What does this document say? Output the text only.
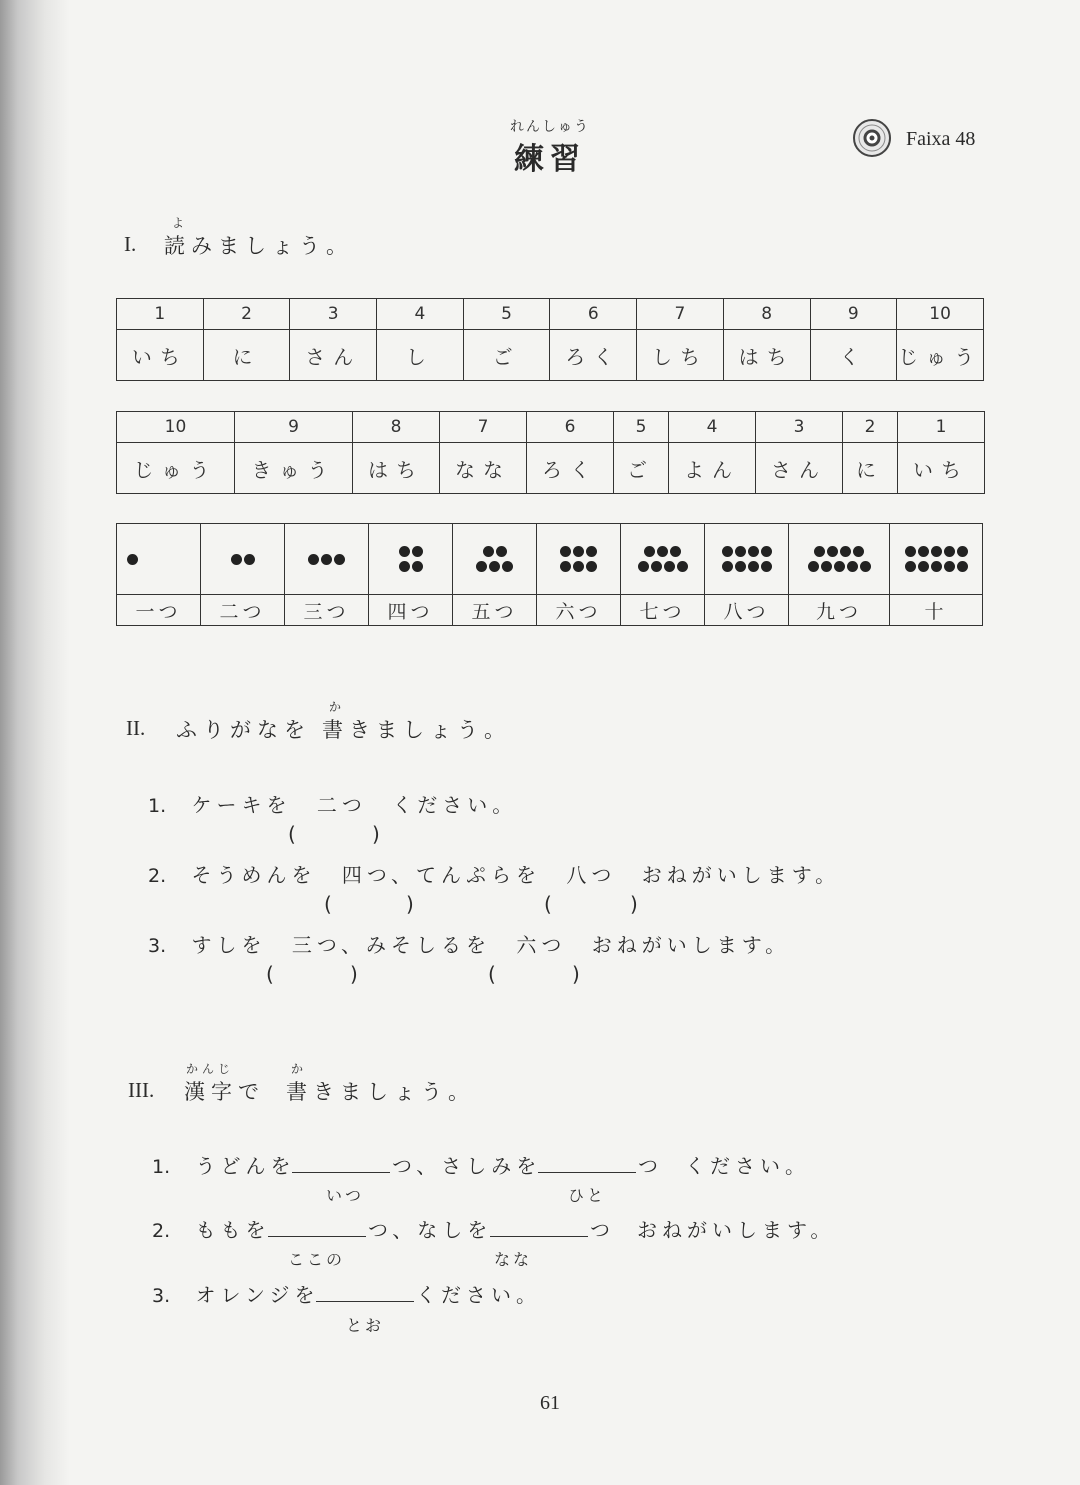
れんしゅう
練習
Faixa 48
よ
I. 読みましょう。
1	2	3	4	5	6	7	8	9	10
いち	に	さん	し	ご	ろく	しち	はち	く	じゅう
10	9	8	7	6	5	4	3	2	1
じゅう	きゅう	はち	なな	ろく	ご	よん	さん	に	いち

一つ	二つ	三つ	四つ	五つ	六つ	七つ	八つ	九つ	十
か
II. ふりがなを 書きましょう。
1. ケーキを 二つ ください。
(	)
2. そうめんを 四つ、てんぷらを 八つ おねがいします。
(	)	(	)
3. すしを 三つ、みそしるを 六つ おねがいします。
(	)	(	)
かんじ	か
III. 漢字で 書きましょう。
1. うどんを	つ、さしみを	つ ください。
いつ	ひと
2. ももを	つ、なしを	つ おねがいします。
ここの	なな
3. オレンジを	ください。
とお
61
